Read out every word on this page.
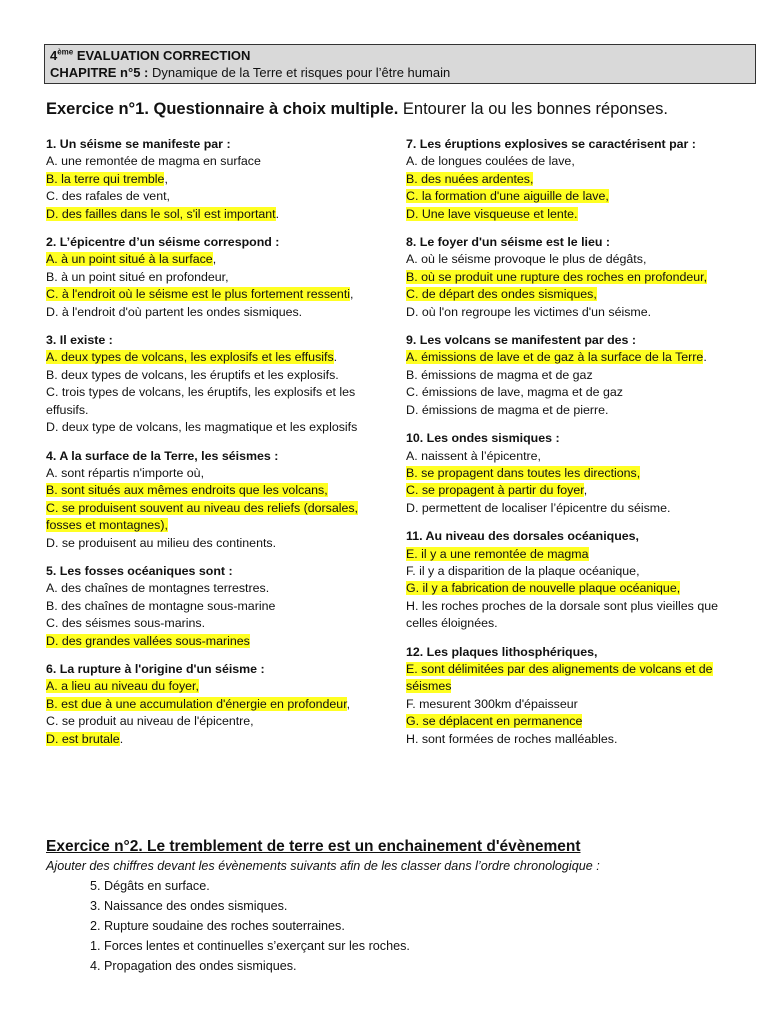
4ème EVALUATION CORRECTION
CHAPITRE n°5 : Dynamique de la Terre et risques pour l’être humain
Exercice n°1. Questionnaire à choix multiple. Entourer la ou les bonnes réponses.
1. Un séisme se manifeste par :
A. une remontée de magma en surface
B. la terre qui tremble,
C. des rafales de vent,
D. des failles dans le sol, s'il est important.
2. L’épicentre d’un séisme correspond :
A. à un point situé à la surface,
B. à un point situé en profondeur,
C. à l'endroit où le séisme est le plus fortement ressenti,
D. à l'endroit d'où partent les ondes sismiques.
3. Il existe :
A. deux types de volcans, les explosifs et les effusifs.
B. deux types de volcans, les éruptifs et les explosifs.
C. trois types de volcans, les éruptifs, les explosifs et les effusifs.
D. deux type de volcans, les magmatique et les explosifs
4. A la surface de la Terre, les séismes :
A. sont répartis n'importe où,
B. sont situés aux mêmes endroits que les volcans,
C. se produisent souvent au niveau des reliefs (dorsales, fosses et montagnes),
D. se produisent au milieu des continents.
5. Les fosses océaniques sont :
A. des chaînes de montagnes terrestres.
B. des chaînes de montagne sous-marine
C. des séismes sous-marins.
D. des grandes vallées sous-marines
6. La rupture à l'origine d'un séisme :
A. a lieu au niveau du foyer,
B. est due à une accumulation d'énergie en profondeur,
C. se produit au niveau de l'épicentre,
D. est brutale.
7. Les éruptions explosives se caractérisent par :
A. de longues coulées de lave,
B. des nuées ardentes,
C. la formation d'une aiguille de lave,
D. Une lave visqueuse et lente.
8. Le foyer d'un séisme est le lieu :
A. où le séisme provoque le plus de dégâts,
B. où se produit une rupture des roches en profondeur,
C. de départ des ondes sismiques,
D. où l'on regroupe les victimes d'un séisme.
9. Les volcans se manifestent par des :
A. émissions de lave et de gaz à la surface de la Terre.
B. émissions de magma et de gaz
C. émissions de lave, magma et de gaz
D. émissions de magma et de pierre.
10. Les ondes sismiques :
A. naissent à l’épicentre,
B. se propagent dans toutes les directions,
C. se propagent à partir du foyer,
D. permettent de localiser l’épicentre du séisme.
11. Au niveau des dorsales océaniques,
E. il y a une remontée de magma
F. il y a disparition de la plaque océanique,
G. il y a fabrication de nouvelle plaque océanique,
H. les roches proches de la dorsale sont plus vieilles que celles éloignées.
12. Les plaques lithosphériques,
E. sont délimitées par des alignements de volcans et de séismes
F. mesurent 300km d'épaisseur
G. se déplacent en permanence
H. sont formées de roches malléables.
Exercice n°2. Le tremblement de terre est un enchainement d'évènement
Ajouter des chiffres devant les évènements suivants afin de les classer dans l’ordre chronologique :
5. Dégâts en surface.
3. Naissance des ondes sismiques.
2. Rupture soudaine des roches souterraines.
1. Forces lentes et continuelles s’exerçant sur les roches.
4. Propagation des ondes sismiques.
